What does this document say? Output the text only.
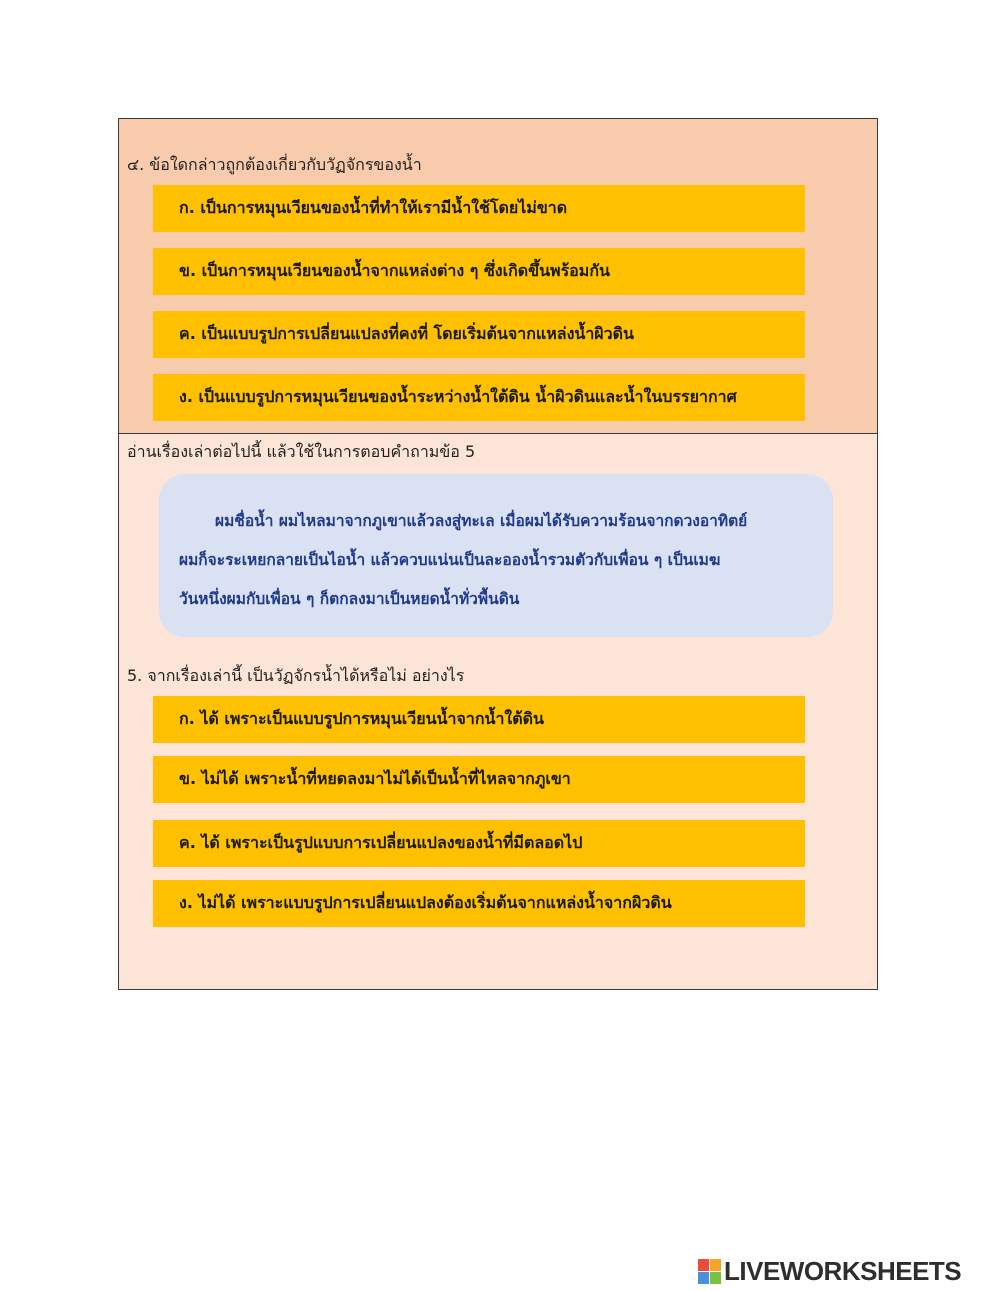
๔. ข้อใดกล่าวถูกต้องเกี่ยวกับวัฏจักรของน้ำ
ก. เป็นการหมุนเวียนของน้ำที่ทำให้เรามีน้ำใช้โดยไม่ขาด
ข. เป็นการหมุนเวียนของน้ำจากแหล่งต่าง ๆ ซึ่งเกิดขึ้นพร้อมกัน
ค. เป็นแบบรูปการเปลี่ยนแปลงที่คงที่ โดยเริ่มต้นจากแหล่งน้ำผิวดิน
ง. เป็นแบบรูปการหมุนเวียนของน้ำระหว่างน้ำใต้ดิน น้ำผิวดินและน้ำในบรรยากาศ
อ่านเรื่องเล่าต่อไปนี้ แล้วใช้ในการตอบคำถามข้อ 5
ผมชื่อน้ำ ผมไหลมาจากภูเขาแล้วลงสู่ทะเล เมื่อผมได้รับความร้อนจากดวงอาทิตย์
ผมก็จะระเหยกลายเป็นไอน้ำ แล้วควบแน่นเป็นละอองน้ำรวมตัวกับเพื่อน ๆ เป็นเมฆ
วันหนึ่งผมกับเพื่อน ๆ ก็ตกลงมาเป็นหยดน้ำทั่วพื้นดิน
5. จากเรื่องเล่านี้ เป็นวัฏจักรน้ำได้หรือไม่ อย่างไร
ก. ได้ เพราะเป็นแบบรูปการหมุนเวียนน้ำจากน้ำใต้ดิน
ข. ไม่ได้ เพราะน้ำที่หยดลงมาไม่ได้เป็นน้ำที่ไหลจากภูเขา
ค. ได้ เพราะเป็นรูปแบบการเปลี่ยนแปลงของน้ำที่มีตลอดไป
ง. ไม่ได้ เพราะแบบรูปการเปลี่ยนแปลงต้องเริ่มต้นจากแหล่งน้ำจากผิวดิน
LIVEWORKSHEETS
